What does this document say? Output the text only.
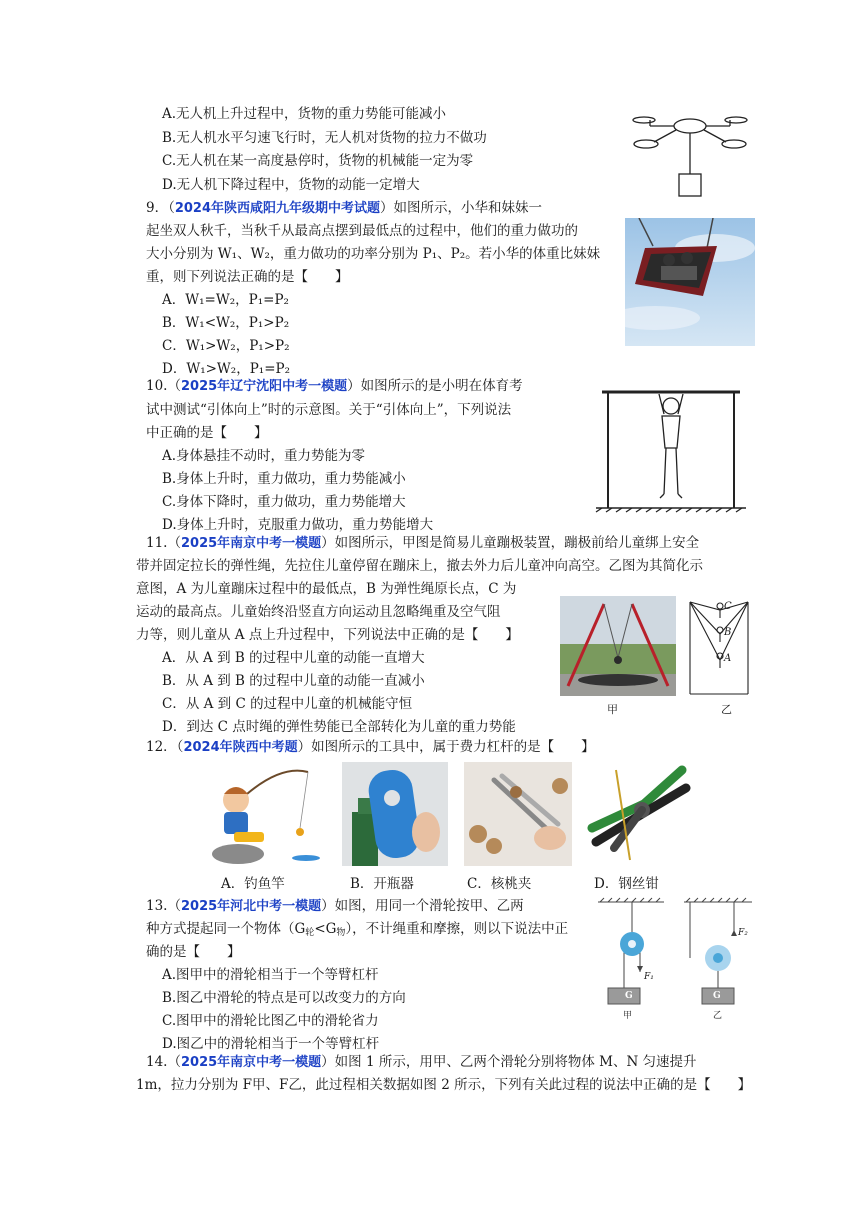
A.无人机上升过程中，货物的重力势能可能减小
B.无人机水平匀速飞行时，无人机对货物的拉力不做功
C.无人机在某一高度悬停时，货物的机械能一定为零
D.无人机下降过程中，货物的动能一定增大
9．（2024年陕西咸阳九年级期中考试题）如图所示，小华和妹妹一
起坐双人秋千，当秋千从最高点摆到最低点的过程中，他们的重力做功的
大小分别为 W₁、W₂，重力做功的功率分别为 P₁、P₂。若小华的体重比妹妹
重，则下列说法正确的是【　　】
A．W₁=W₂，P₁=P₂
B．W₁<W₂，P₁>P₂
C．W₁>W₂，P₁>P₂
D．W₁>W₂，P₁=P₂
10.（2025年辽宁沈阳中考一模题）如图所示的是小明在体育考
试中测试“引体向上”时的示意图。关于“引体向上”，下列说法
中正确的是【　　】
A.身体悬挂不动时，重力势能为零
B.身体上升时，重力做功，重力势能减小
C.身体下降时，重力做功，重力势能增大
D.身体上升时，克服重力做功，重力势能增大
11.（2025年南京中考一模题）如图所示，甲图是简易儿童蹦极装置，蹦极前给儿童绑上安全
带并固定拉长的弹性绳，先拉住儿童停留在蹦床上，撤去外力后儿童冲向高空。乙图为其简化示
意图，A 为儿童蹦床过程中的最低点，B 为弹性绳原长点，C 为
运动的最高点。儿童始终沿竖直方向运动且忽略绳重及空气阻
力等，则儿童从 A 点上升过程中，下列说法中正确的是【　　】
A．从 A 到 B 的过程中儿童的动能一直增大
B．从 A 到 B 的过程中儿童的动能一直减小
C．从 A 到 C 的过程中儿童的机械能守恒
D．到达 C 点时绳的弹性势能已全部转化为儿童的重力势能
甲
C
B
A
乙
12．（2024年陕西中考题）如图所示的工具中，属于费力杠杆的是【　　】
A．钓鱼竿	B．开瓶器	C．核桃夹	D．钢丝钳
13.（2025年河北中考一模题）如图，用同一个滑轮按甲、乙两
种方式提起同一个物体$(G_轮<G_物)$，不计绳重和摩擦，则以下说法中正
确的是【　　】
A.图甲中的滑轮相当于一个等臂杠杆
B.图乙中滑轮的特点是可以改变力的方向
C.图甲中的滑轮比图乙中的滑轮省力
D.图乙中的滑轮相当于一个等臂杠杆
G	G
F₁
F₂
甲	乙
14.（2025年南京中考一模题）如图 1 所示，用甲、乙两个滑轮分别将物体 M、N 匀速提升
1m，拉力分别为 F甲、F乙，此过程相关数据如图 2 所示，下列有关此过程的说法中正确的是【　　】
